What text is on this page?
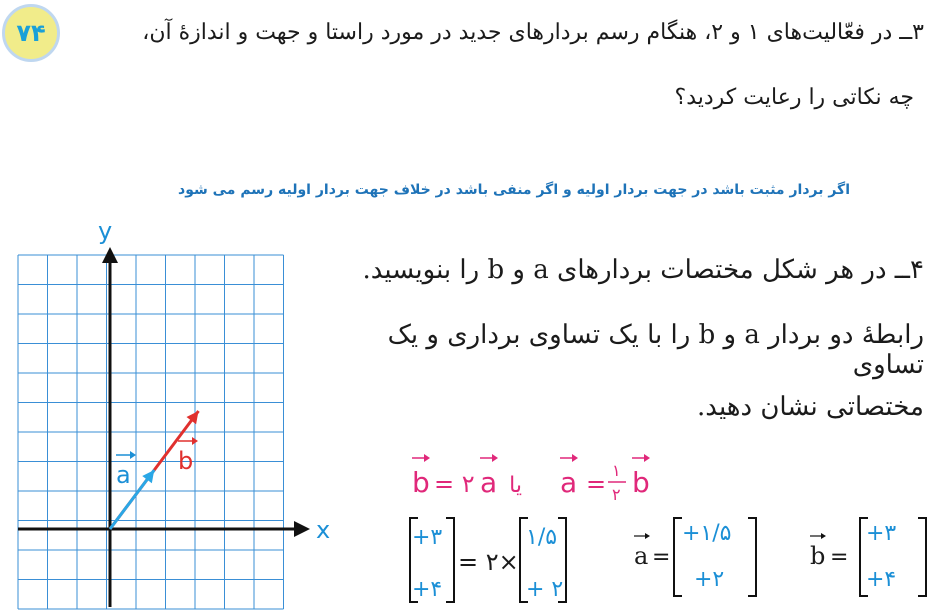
۷۴	۳ــ در فعّالیت‌های ۱ و ۲، هنگام رسم بردارهای جدید در مورد راستا و جهت و اندازهٔ آن،
چه نکاتی را رعایت کردید؟
اگر بردار مثبت باشد در جهت بردار اولیه و اگر منفی باشد در خلاف جهت بردار اولیه رسم می شود
۴ــ در هر شکل مختصات بردارهای a و b را بنویسید.
رابطهٔ دو بردار a و b را با یک تساوی برداری و یک تساوی
مختصاتی نشان دهید.
x
y
a b
b = ۲ a یا a = ۱
۲ b
+۳
+۴
= ۲×
۱/۵
+ ۲
a =
+۱/۵
+۲
b =
+۳
+۴
